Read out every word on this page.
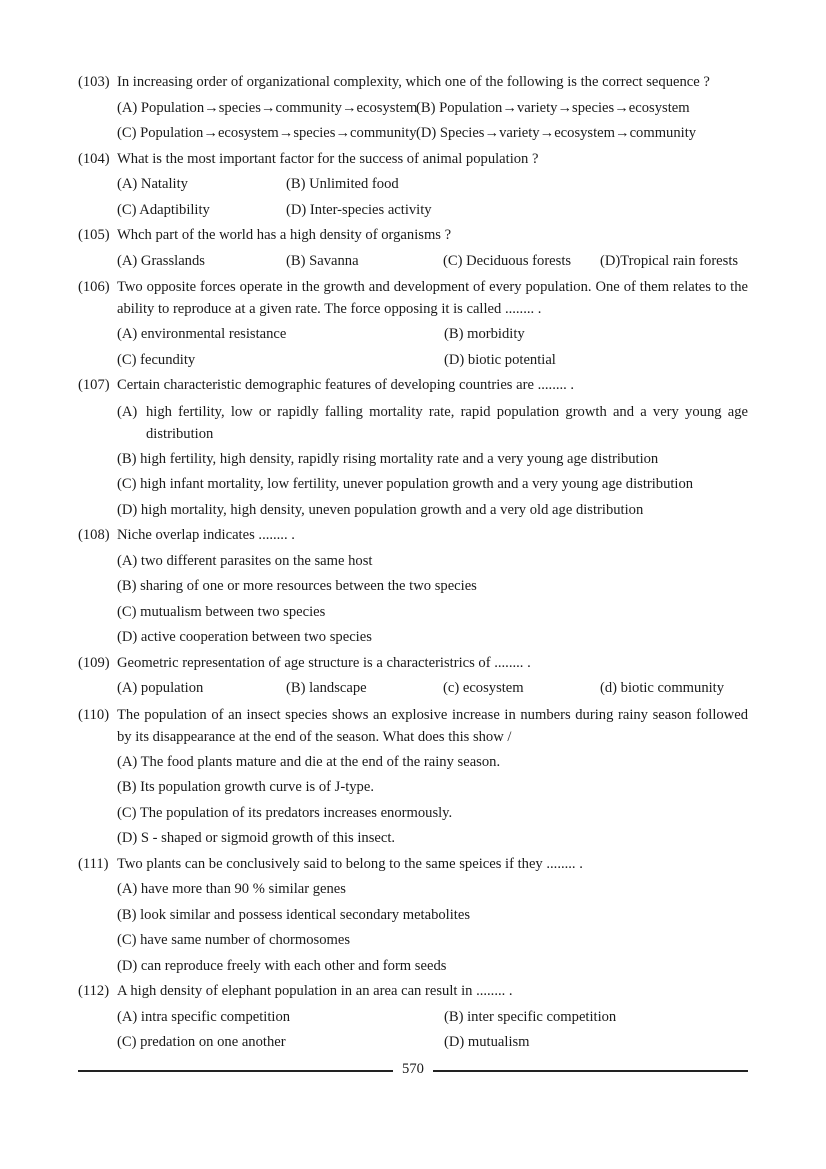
(103) In increasing order of organizational complexity, which one of the following is the correct sequence ?
(A) Population→species→community→ecosystem
(B) Population→variety→species→ecosystem
(C) Population→ecosystem→species→community (D) Species→variety→ecosystem→community
(104) What is the most important factor for the success of animal population ?
(A) Natality	(B) Unlimited food
(C) Adaptibility	(D) Inter-species activity
(105) Whch part of the world has a high density of organisms ?
(A) Grasslands	(B) Savanna	(C) Deciduous forests	(D)Tropical rain forests
(106) Two opposite forces operate in the growth and development of every population. One of them relates to the ability to reproduce at a given rate. The force opposing it is called ........ .
(A) environmental resistance	(B) morbidity
(C) fecundity	(D) biotic potential
(107) Certain characteristic demographic features of developing countries are ........ .
(A) high fertility, low or rapidly falling mortality rate, rapid population growth and a very young age distribution
(B) high fertility, high density, rapidly rising mortality rate and a very young age distribution
(C) high infant mortality, low fertility, unever population growth and a very young age distribution
(D) high mortality, high density, uneven population growth and a very old age distribution
(108) Niche overlap indicates ........ .
(A) two different parasites on the same host
(B) sharing of one or more resources between the two species
(C) mutualism between two species
(D) active cooperation between two species
(109) Geometric representation of age structure is a characteristrics of ........ .
(A) population	(B) landscape	(c) ecosystem	(d) biotic community
(110) The population of an insect species shows an explosive increase in numbers during rainy season followed by its disappearance at the end of the season. What does this show /
(A) The food plants mature and die at the end of the rainy season.
(B) Its population growth curve is of J-type.
(C) The population of its predators increases enormously.
(D) S - shaped or sigmoid growth of this insect.
(111) Two plants can be conclusively said to belong to the same speices if they ........ .
(A) have more than 90 % similar genes
(B) look similar and possess identical secondary metabolites
(C) have same number of chormosomes
(D) can reproduce freely with each other and form seeds
(112) A high density of elephant population in an area can result in ........ .
(A) intra specific competition	(B) inter specific competition
(C) predation on one another	(D) mutualism
570
